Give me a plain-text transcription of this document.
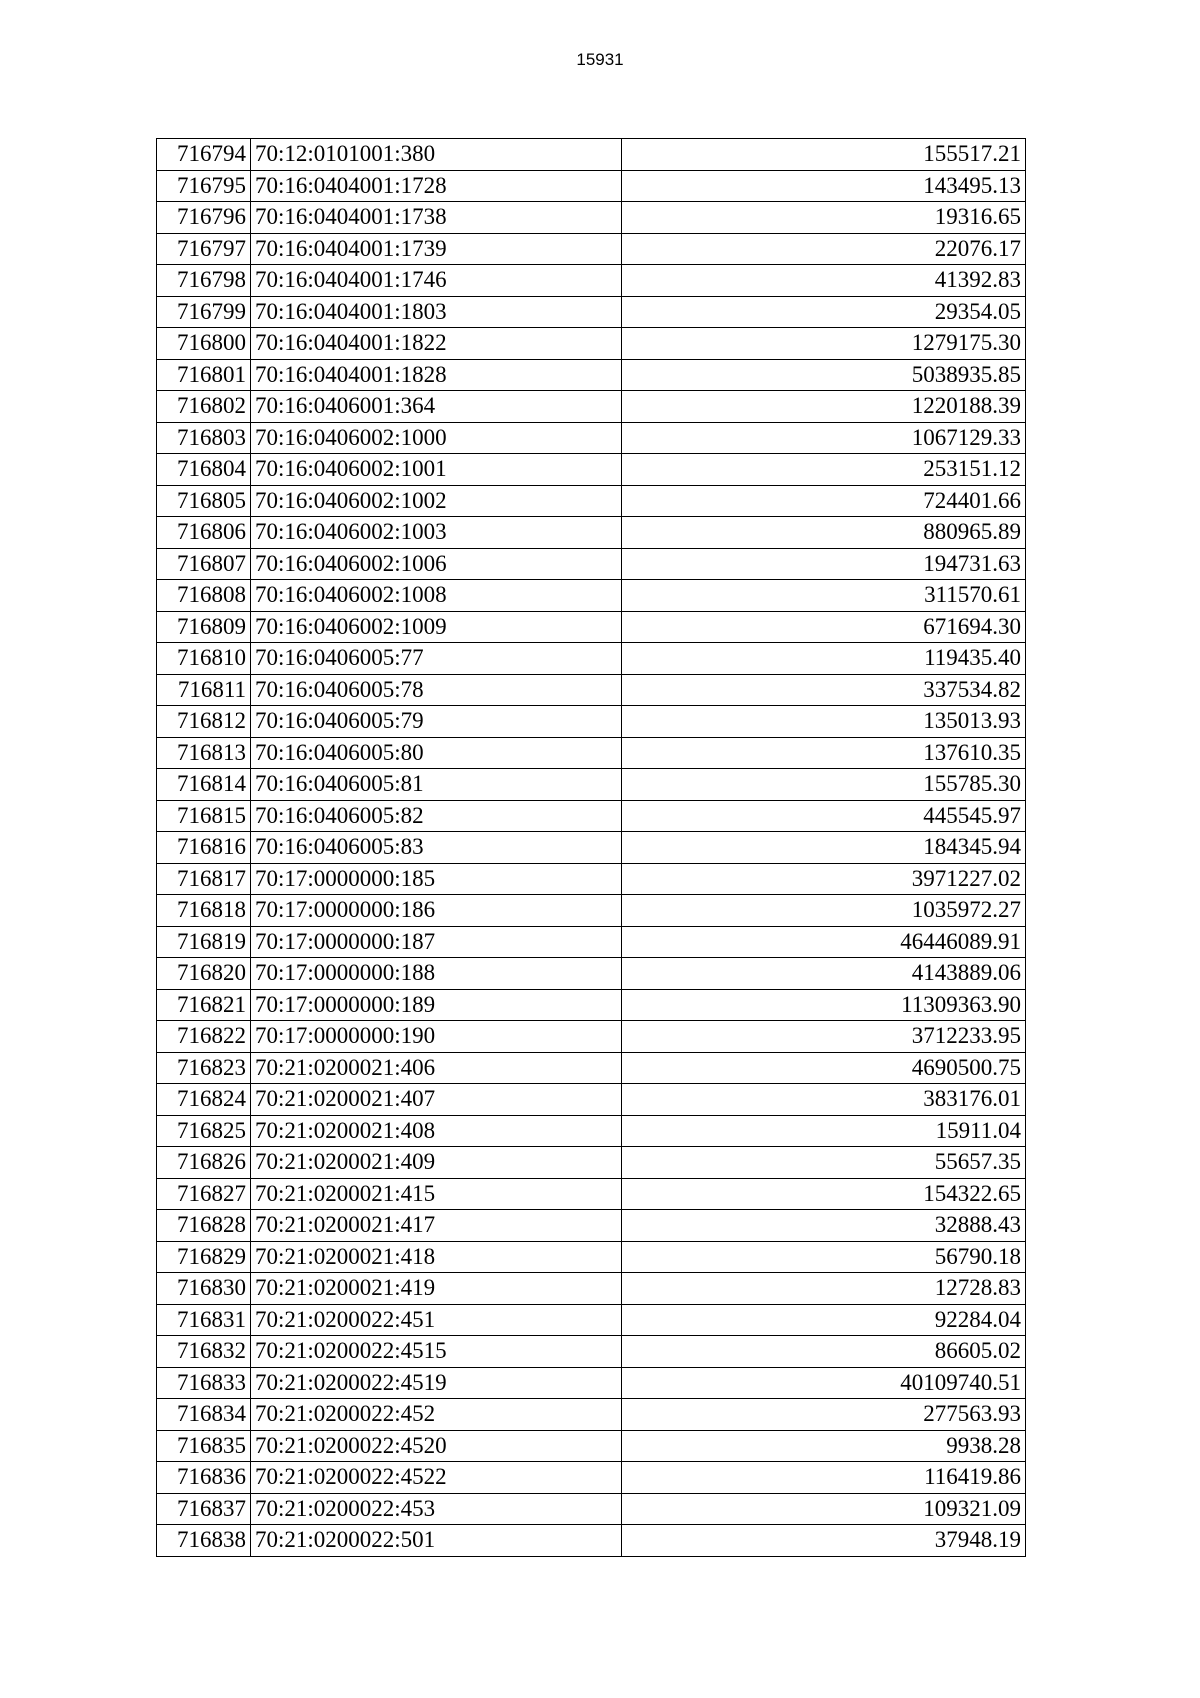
15931
716794	70:12:0101001:380	155517.21
716795	70:16:0404001:1728	143495.13
716796	70:16:0404001:1738	19316.65
716797	70:16:0404001:1739	22076.17
716798	70:16:0404001:1746	41392.83
716799	70:16:0404001:1803	29354.05
716800	70:16:0404001:1822	1279175.30
716801	70:16:0404001:1828	5038935.85
716802	70:16:0406001:364	1220188.39
716803	70:16:0406002:1000	1067129.33
716804	70:16:0406002:1001	253151.12
716805	70:16:0406002:1002	724401.66
716806	70:16:0406002:1003	880965.89
716807	70:16:0406002:1006	194731.63
716808	70:16:0406002:1008	311570.61
716809	70:16:0406002:1009	671694.30
716810	70:16:0406005:77	119435.40
716811	70:16:0406005:78	337534.82
716812	70:16:0406005:79	135013.93
716813	70:16:0406005:80	137610.35
716814	70:16:0406005:81	155785.30
716815	70:16:0406005:82	445545.97
716816	70:16:0406005:83	184345.94
716817	70:17:0000000:185	3971227.02
716818	70:17:0000000:186	1035972.27
716819	70:17:0000000:187	46446089.91
716820	70:17:0000000:188	4143889.06
716821	70:17:0000000:189	11309363.90
716822	70:17:0000000:190	3712233.95
716823	70:21:0200021:406	4690500.75
716824	70:21:0200021:407	383176.01
716825	70:21:0200021:408	15911.04
716826	70:21:0200021:409	55657.35
716827	70:21:0200021:415	154322.65
716828	70:21:0200021:417	32888.43
716829	70:21:0200021:418	56790.18
716830	70:21:0200021:419	12728.83
716831	70:21:0200022:451	92284.04
716832	70:21:0200022:4515	86605.02
716833	70:21:0200022:4519	40109740.51
716834	70:21:0200022:452	277563.93
716835	70:21:0200022:4520	9938.28
716836	70:21:0200022:4522	116419.86
716837	70:21:0200022:453	109321.09
716838	70:21:0200022:501	37948.19
